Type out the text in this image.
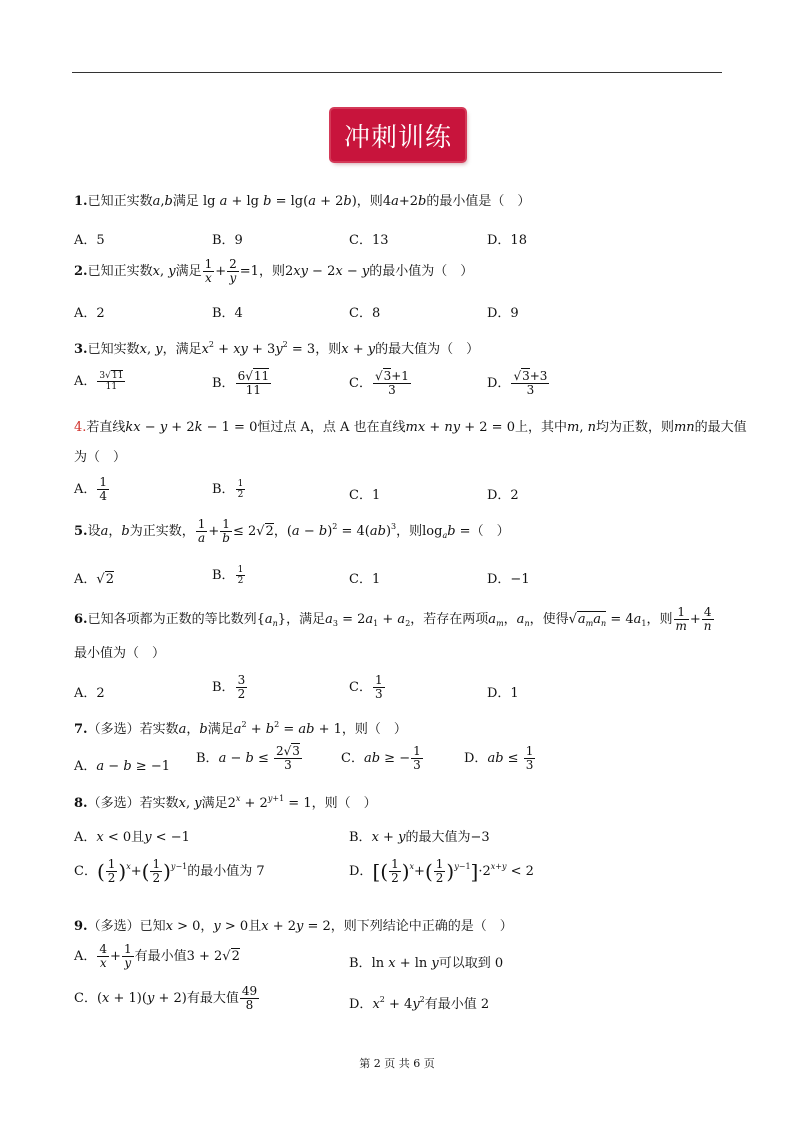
冲刺训练
1.已知正实数a,b满足 lg a + lg b = lg(a + 2b)，则4a+2b的最小值是（　）
A．5	B．9	C．13	D．18
2.已知正实数x, y满足 $\frac{1}{x} + \frac{2}{y} =1$，则2xy − 2x − y的最小值为（　）
A．2	B．4	C．8	D．9
3.已知实数x, y，满足$x^2$ + xy + $3y^2 = 3$，则x + y的最大值为（　）
A． $\frac{3√11}{11}$	B． $\frac{6√11}{11}$	C． $\frac{√3+1}{3}$	D． $\frac{√3+3}{3}$
4.若直线kx − y + 2k − 1 = 0恒过点 A，点 A 也在直线mx + ny + 2 = 0上，其中m, n均为正数，则mn的最大值
为（　）
A． $\frac{1}{4}$	B． $\frac{1}{2}$	C．1	D．2
5.设a，b为正实数， $\frac{1}{a} + \frac{1}{b} \le 2√2$，$(a - b)^2 = 4(ab)^3$，则$\log_ab$ =（　）
A．√2	B． $\frac{1}{2}$	C．1	D．−1
6.已知各项都为正数的等比数列$\{a_n\}$，满足$a_3 = 2a_1 + a_2$，若存在两项$a_m$，$a_n$，使得$√a_ma_n = 4a_1$，则 $\frac{1}{m} + \frac{4}{n}$
最小值为（　）
A．2	B． $\frac{3}{2}$	C． $\frac{1}{3}$	D．1
7.（多选）若实数a，b满足$a^2 + b^2$ = ab + 1，则（　）
A．a − b ≥ −1
B．$a - b \le \frac{2√3}{3}$	C．ab ≥ − $\frac{1}{3}$	D．ab ≤ $\frac{1}{3}$
8.（多选）若实数x, y满足$2^x + 2^{y+1} = 1$，则（　）
A．x < 0且y < −1	B．x + y的最大值为−3
C．( $\frac{1}{2} )^x+( \frac{1}{2} )^{y-1}$的最小值为 7	D．[( $\frac{1}{2} )^x+( \frac{1}{2} )^{y-1}]\cdot 2^{x+y} < 2$
9.（多选）已知x > 0，y > 0且x + 2y = 2，则下列结论中正确的是（　）
A． $\frac{4}{x} + \frac{1}{y}$ 有最小值3 + 2√2	B．ln x + ln y可以取到 0
C．(x + 1)(y + 2)有最大值 $\frac{49}{8}$	D．$x^2 + 4y^2$有最小值 2
第 2 页 共 6 页
